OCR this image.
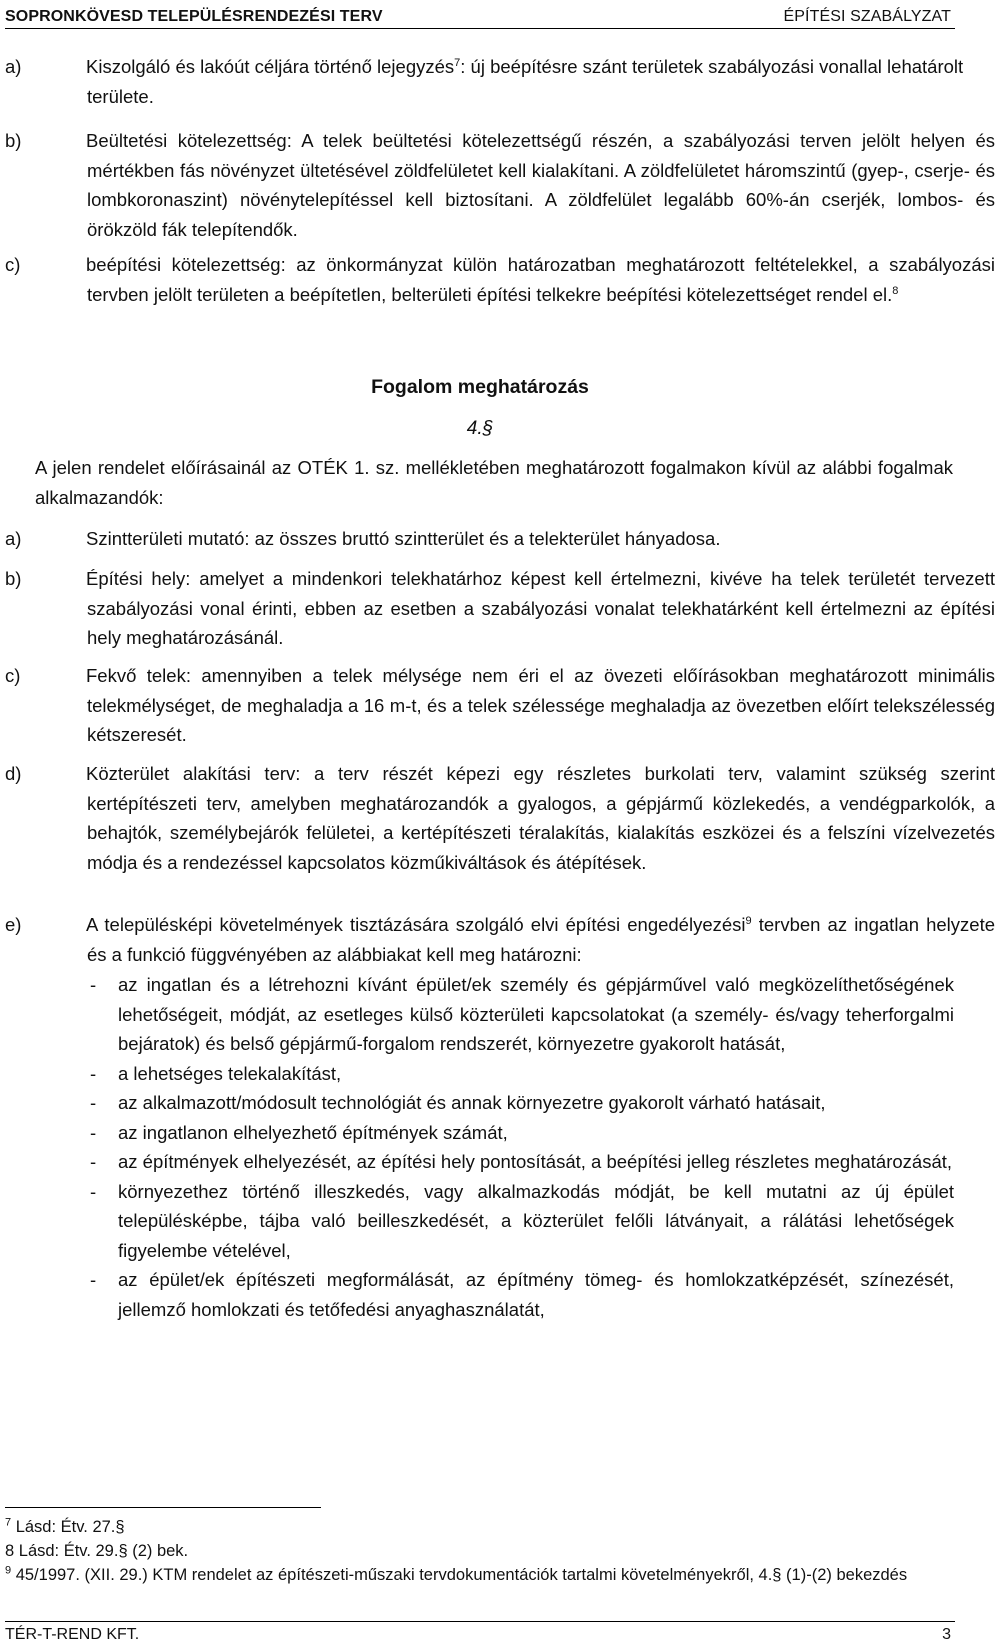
SOPRONKÖVESD TELEPÜLÉSRENDEZÉSI TERV	ÉPÍTÉSI SZABÁLYZAT
a)	Kiszolgáló és lakóút céljára történő lejegyzés$^7$: új beépítésre szánt területek szabályozási vonallal lehatárolt területe.
b)	Beültetési kötelezettség: A telek beültetési kötelezettségű részén, a szabályozási terven jelölt helyen és mértékben fás növényzet ültetésével zöldfelületet kell kialakítani. A zöldfelületet háromszintű (gyep-, cserje- és lombkoronaszint) növénytelepítéssel kell biztosítani. A zöldfelület legalább 60%-án cserjék, lombos- és örökzöld fák telepítendők.
c)	beépítési kötelezettség: az önkormányzat külön határozatban meghatározott feltételekkel, a szabályozási tervben jelölt területen a beépítetlen, belterületi építési telkekre beépítési kötelezettséget rendel el.$^8$
Fogalom meghatározás
4.§
A jelen rendelet előírásainál az OTÉK 1. sz. mellékletében meghatározott fogalmakon kívül az alábbi fogalmak alkalmazandók:
a)	Szintterületi mutató: az összes bruttó szintterület és a telekterület hányadosa.
b)	Építési hely: amelyet a mindenkori telekhatárhoz képest kell értelmezni, kivéve ha telek területét tervezett szabályozási vonal érinti, ebben az esetben a szabályozási vonalat telekhatárként kell értelmezni az építési hely meghatározásánál.
c)	Fekvő telek: amennyiben a telek mélysége nem éri el az övezeti előírásokban meghatározott minimális telekmélységet, de meghaladja a 16 m-t, és a telek szélessége meghaladja az övezetben előírt telekszélesség kétszeresét.
d)	Közterület alakítási terv: a terv részét képezi egy részletes burkolati terv, valamint szükség szerint kertépítészeti terv, amelyben meghatározandók a gyalogos, a gépjármű közlekedés, a vendégparkolók, a behajtók, személybejárók felületei, a kertépítészeti téralakítás, kialakítás eszközei és a felszíni vízelvezetés módja és a rendezéssel kapcsolatos közműkiváltások és átépítések.
e)	A településképi követelmények tisztázására szolgáló elvi építési engedélyezési$^9$ tervben az ingatlan helyzete és a funkció függvényében az alábbiakat kell meg határozni:
- az ingatlan és a létrehozni kívánt épület/ek személy és gépjárművel való megközelíthetőségének lehetőségeit, módját, az esetleges külső közterületi kapcsolatokat (a személy- és/vagy teherforgalmi bejáratok) és belső gépjármű-forgalom rendszerét, környezetre gyakorolt hatását,
- a lehetséges telekalakítást,
- az alkalmazott/módosult technológiát és annak környezetre gyakorolt várható hatásait,
- az ingatlanon elhelyezhető építmények számát,
- az építmények elhelyezését, az építési hely pontosítását, a beépítési jelleg részletes meghatározását,
- környezethez történő illeszkedés, vagy alkalmazkodás módját, be kell mutatni az új épület településképbe, tájba való beilleszkedését, a közterület felőli látványait, a rálátási lehetőségek figyelembe vételével,
- az épület/ek építészeti megformálását, az építmény tömeg- és homlokzatképzését, színezését, jellemző homlokzati és tetőfedési anyaghasználatát,
$^7$ Lásd: Étv. 27.§
8 Lásd: Étv. 29.§ (2) bek.
$^9$ 45/1997. (XII. 29.) KTM rendelet az építészeti-műszaki tervdokumentációk tartalmi követelményekről, 4.§ (1)-(2) bekezdés
TÉR-T-REND KFT.	3
